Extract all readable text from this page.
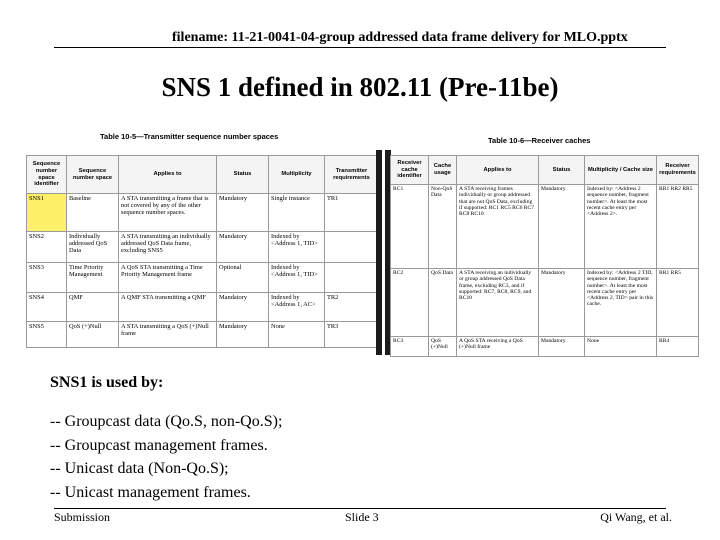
filename: 11-21-0041-04-group addressed data frame delivery for MLO.pptx
SNS 1 defined in 802.11 (Pre-11be)
Table 10-5—Transmitter sequence number spaces
Sequence number space identifier	Sequence number space	Applies to	Status	Multiplicity	Transmitter requirements
SNS1	Baseline	A STA transmitting a frame that is not covered by any of the other sequence number spaces.	Mandatory	Single instance	TR1
SNS2	Individually addressed QoS Data	A STA transmitting an individually addressed QoS Data frame, excluding SNS5	Mandatory	Indexed by <Address 1, TID>	
SNS3	Time Priority Management	A QoS STA transmitting a Time Priority Management frame	Optional	Indexed by <Address 1, TID>	
SNS4	QMF	A QMF STA transmitting a QMF	Mandatory	Indexed by <Address 1, AC>	TR2
SNS5	QoS (+)Null	A STA transmitting a QoS (+)Null frame	Mandatory	None	TR3
Table 10-6—Receiver caches
Receiver cache identifier	Cache usage	Applies to	Status	Multiplicity / Cache size	Receiver requirements
RC1	Non-QoS Data	A STA receiving frames individually or group addressed that are not QoS Data, excluding if supported: RC1 RC5 RC6 RC7 RC8 RC10	Mandatory	Indexed by: <Address 2 sequence number, fragment number>. At least the most recent cache entry per <Address 2>.	RR1 RR2 RR5
RC2	QoS Data	A STA receiving an individually or group addressed QoS Data frame, excluding RC3, and if supported: RC7, RC8, RC9, and RC10	Mandatory	Indexed by: <Address 2 TID, sequence number, fragment number>. At least the most recent cache entry per <Address 2, TID> pair in this cache.	RR1 RR5
RC3	QoS (+)Null	A QoS STA receiving a QoS (+)Null frame	Mandatory	None	RR4
SNS1 is used by:
-- Groupcast data (Qo.S, non-Qo.S);
-- Groupcast management frames.
-- Unicast data (Non-Qo.S);
-- Unicast management frames.
Submission	Slide 3	Qi Wang, et al.
